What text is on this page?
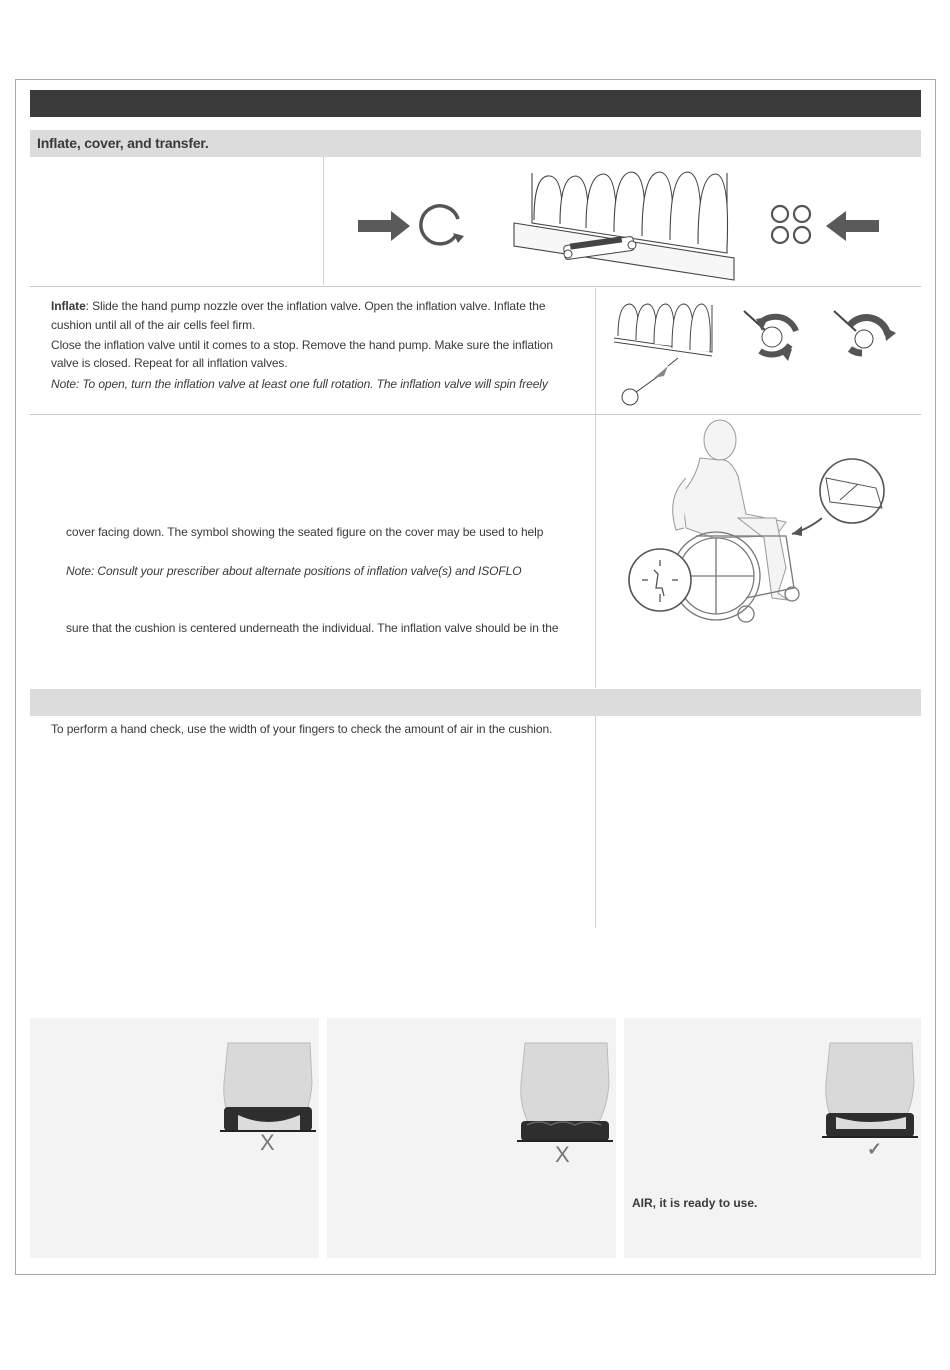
Inflate, cover, and transfer.
Inflate: Slide the hand pump nozzle over the inflation valve. Open the inflation valve. Inflate the
cushion until all of the air cells feel firm.
Close the inflation valve until it comes to a stop. Remove the hand pump. Make sure the inflation
valve is closed. Repeat for all inflation valves.
Note: To open, turn the inflation valve at least one full rotation. The inflation valve will spin freely
cover facing down. The symbol showing the seated figure on the cover may be used to help
Note: Consult your prescriber about alternate positions of inflation valve(s) and ISOFLO
sure that the cushion is centered underneath the individual. The inflation valve should be in the
To perform a hand check, use the width of your fingers to check the amount of air in the cushion.
X	X	✓
AIR, it is ready to use.
